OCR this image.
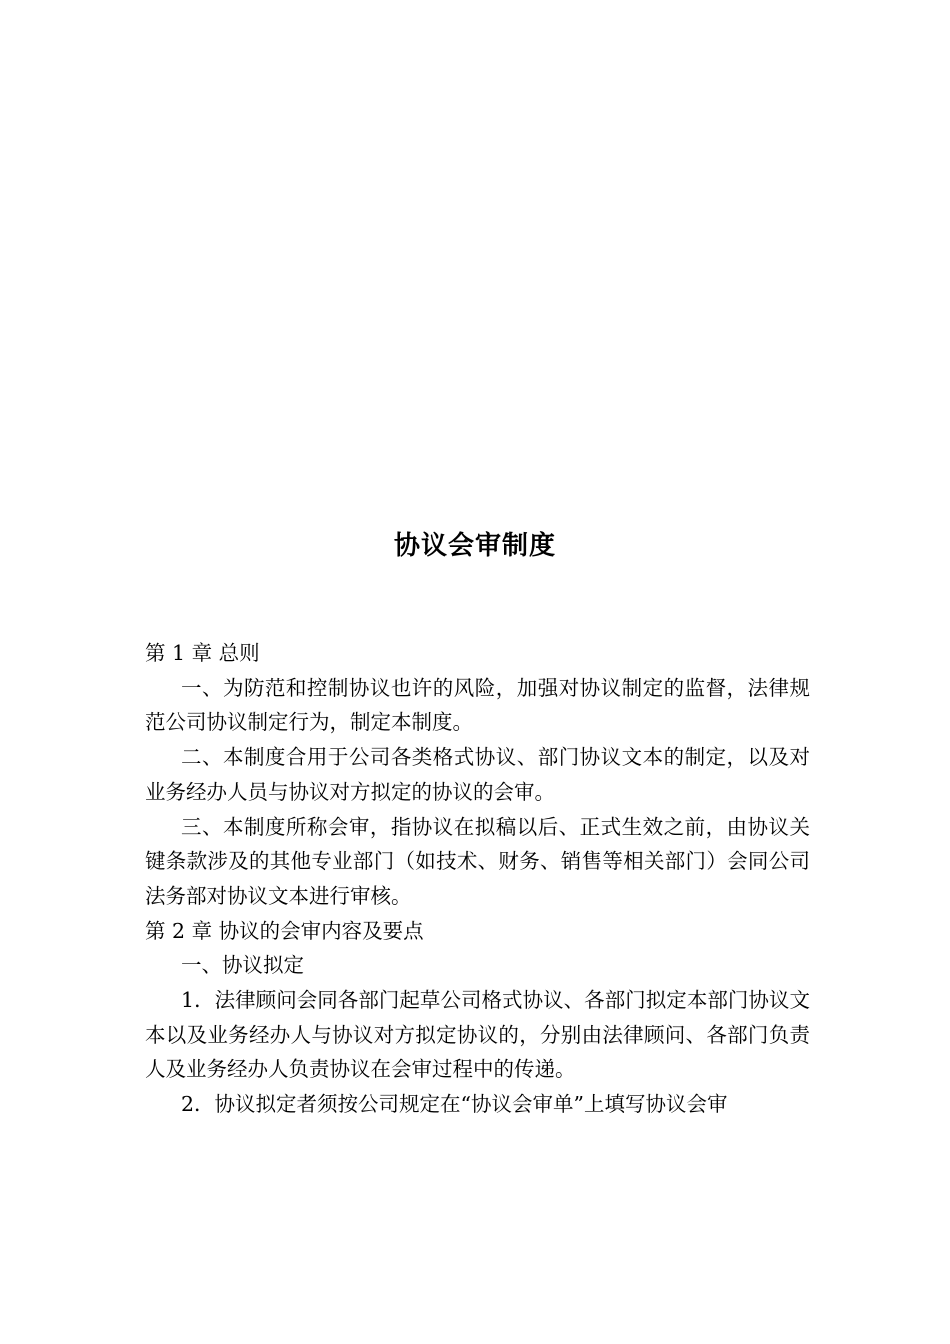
协议会审制度

第 1 章 总则

一、为防范和控制协议也许的风险，加强对协议制定的监督，法律规范公司协议制定行为，制定本制度。

二、本制度合用于公司各类格式协议、部门协议文本的制定，以及对业务经办人员与协议对方拟定的协议的会审。

三、本制度所称会审，指协议在拟稿以后、正式生效之前，由协议关键条款涉及的其他专业部门（如技术、财务、销售等相关部门）会同公司法务部对协议文本进行审核。

第 2 章 协议的会审内容及要点

一、协议拟定

1．法律顾问会同各部门起草公司格式协议、各部门拟定本部门协议文本以及业务经办人与协议对方拟定协议的，分别由法律顾问、各部门负责人及业务经办人负责协议在会审过程中的传递。

2．协议拟定者须按公司规定在“协议会审单”上填写协议会审
